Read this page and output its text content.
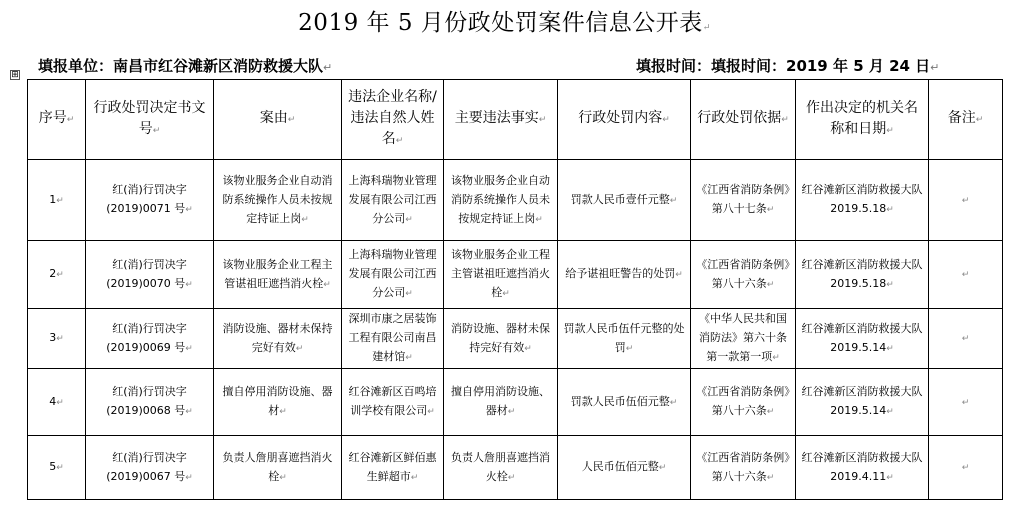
2019 年 5 月份政处罚案件信息公开表↵
填报单位：南昌市红谷滩新区消防救援大队↵	填报时间：填报时间：2019 年 5 月 24 日↵
⊞
序号↵	行政处罚决定书文号↵	案由↵	违法企业名称/违法自然人姓名↵	主要违法事实↵	行政处罚内容↵	行政处罚依据↵	作出决定的机关名称和日期↵	备注↵
1↵	红(消)行罚决字(2019)0071 号↵	该物业服务企业自动消防系统操作人员未按规定持证上岗↵	上海科瑞物业管理发展有限公司江西分公司↵	该物业服务企业自动消防系统操作人员未按规定持证上岗↵	罚款人民币壹仟元整↵	《江西省消防条例》第八十七条↵	红谷滩新区消防救援大队
2019.5.18↵	↵
2↵	红(消)行罚决字(2019)0070 号↵	该物业服务企业工程主管谌祖旺遮挡消火栓↵	上海科瑞物业管理发展有限公司江西分公司↵	该物业服务企业工程主管谌祖旺遮挡消火栓↵	给予谌祖旺警告的处罚↵	《江西省消防条例》第八十六条↵	红谷滩新区消防救援大队
2019.5.18↵	↵
3↵	红(消)行罚决字(2019)0069 号↵	消防设施、器材未保持完好有效↵	深圳市康之居装饰工程有限公司南昌建材馆↵	消防设施、器材未保持完好有效↵	罚款人民币伍仟元整的处罚↵	《中华人民共和国消防法》第六十条第一款第一项↵	红谷滩新区消防救援大队
2019.5.14↵	↵
4↵	红(消)行罚决字(2019)0068 号↵	擅自停用消防设施、器材↵	红谷滩新区百鸣培训学校有限公司↵	擅自停用消防设施、器材↵	罚款人民币伍佰元整↵	《江西省消防条例》第八十六条↵	红谷滩新区消防救援大队
2019.5.14↵	↵
5↵	红(消)行罚决字(2019)0067 号↵	负责人詹朋喜遮挡消火栓↵	红谷滩新区鲜佰惠生鲜超市↵	负责人詹朋喜遮挡消火栓↵	人民币伍佰元整↵	《江西省消防条例》第八十六条↵	红谷滩新区消防救援大队
2019.4.11↵	↵
